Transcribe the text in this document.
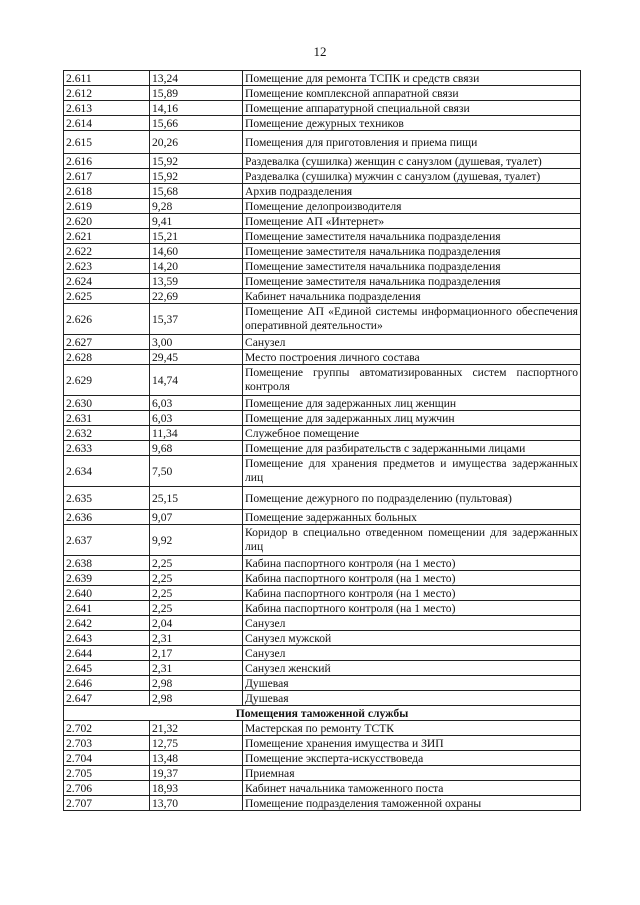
12
2.611	13,24	Помещение для ремонта ТСПК и средств связи
2.612	15,89	Помещение комплексной аппаратной связи
2.613	14,16	Помещение аппаратурной специальной связи
2.614	15,66	Помещение дежурных техников
2.615	20,26	Помещения для приготовления и приема пищи
2.616	15,92	Раздевалка (сушилка) женщин с санузлом (душевая, туалет)
2.617	15,92	Раздевалка (сушилка) мужчин с санузлом (душевая, туалет)
2.618	15,68	Архив подразделения
2.619	9,28	Помещение делопроизводителя
2.620	9,41	Помещение АП «Интернет»
2.621	15,21	Помещение заместителя начальника подразделения
2.622	14,60	Помещение заместителя начальника подразделения
2.623	14,20	Помещение заместителя начальника подразделения
2.624	13,59	Помещение заместителя начальника подразделения
2.625	22,69	Кабинет начальника подразделения
2.626	15,37	Помещение АП «Единой системы информационного обеспечения оперативной деятельности»
2.627	3,00	Санузел
2.628	29,45	Место построения личного состава
2.629	14,74	Помещение группы автоматизированных систем паспортного контроля
2.630	6,03	Помещение для задержанных лиц женщин
2.631	6,03	Помещение для задержанных лиц мужчин
2.632	11,34	Служебное помещение
2.633	9,68	Помещение для разбирательств с задержанными лицами
2.634	7,50	Помещение для хранения предметов и имущества задержанных лиц
2.635	25,15	Помещение дежурного по подразделению (пультовая)
2.636	9,07	Помещение задержанных больных
2.637	9,92	Коридор в специально отведенном помещении для задержанных лиц
2.638	2,25	Кабина паспортного контроля (на 1 место)
2.639	2,25	Кабина паспортного контроля (на 1 место)
2.640	2,25	Кабина паспортного контроля (на 1 место)
2.641	2,25	Кабина паспортного контроля (на 1 место)
2.642	2,04	Санузел
2.643	2,31	Санузел мужской
2.644	2,17	Санузел
2.645	2,31	Санузел женский
2.646	2,98	Душевая
2.647	2,98	Душевая
Помещения таможенной службы		
2.702	21,32	Мастерская по ремонту ТСТК
2.703	12,75	Помещение хранения имущества и ЗИП
2.704	13,48	Помещение эксперта-искусствоведа
2.705	19,37	Приемная
2.706	18,93	Кабинет начальника таможенного поста
2.707	13,70	Помещение подразделения таможенной охраны
